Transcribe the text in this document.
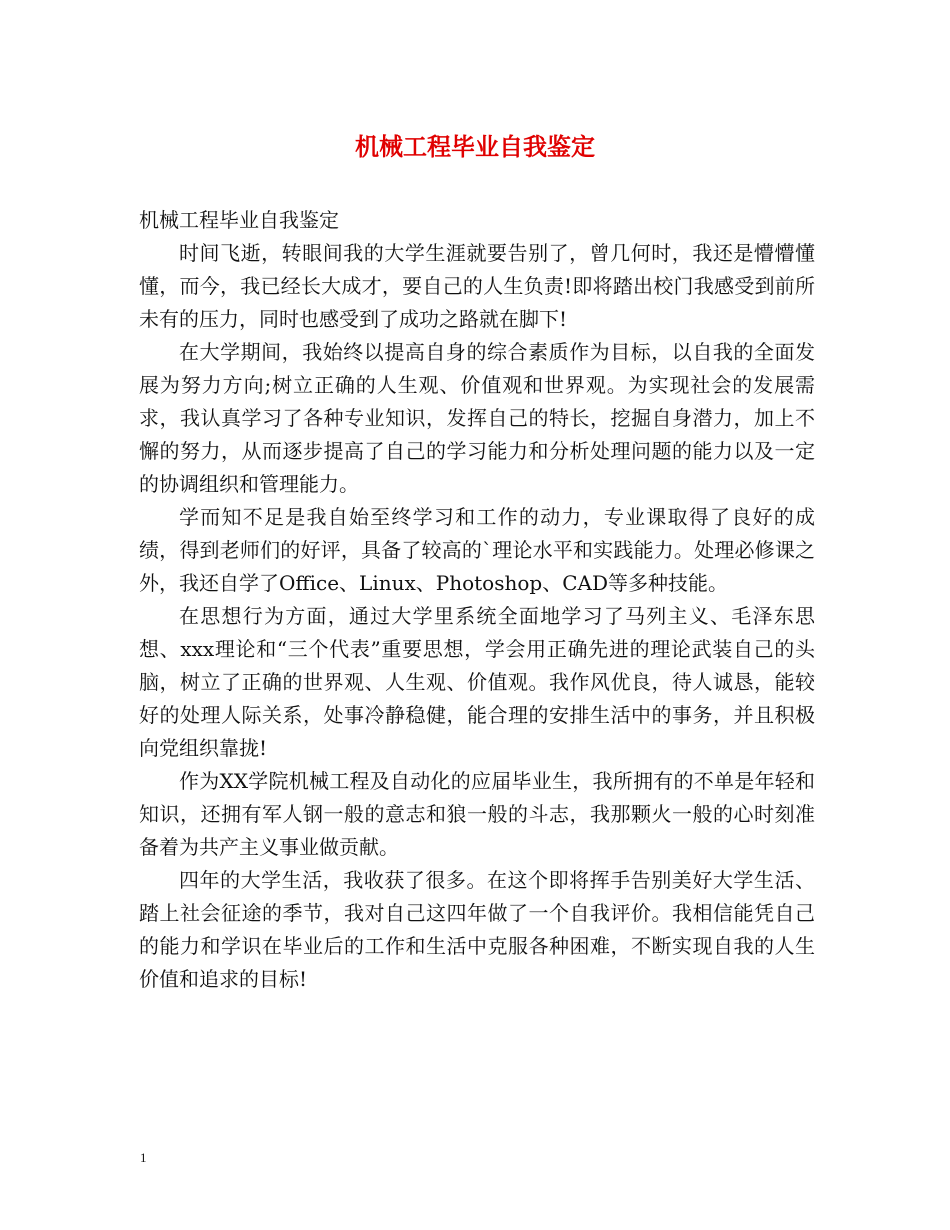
机械工程毕业自我鉴定

机械工程毕业自我鉴定

时间飞逝，转眼间我的大学生涯就要告别了，曾几何时，我还是懵懵懂懂，而今，我已经长大成才，要自己的人生负责!即将踏出校门我感受到前所未有的压力，同时也感受到了成功之路就在脚下!

在大学期间，我始终以提高自身的综合素质作为目标，以自我的全面发展为努力方向;树立正确的人生观、价值观和世界观。为实现社会的发展需求，我认真学习了各种专业知识，发挥自己的特长，挖掘自身潜力，加上不懈的努力，从而逐步提高了自己的学习能力和分析处理问题的能力以及一定的协调组织和管理能力。

学而知不足是我自始至终学习和工作的动力，专业课取得了良好的成绩，得到老师们的好评，具备了较高的`理论水平和实践能力。处理必修课之外，我还自学了Office、Linux、Photoshop、CAD等多种技能。

在思想行为方面，通过大学里系统全面地学习了马列主义、毛泽东思想、xxx理论和“三个代表”重要思想，学会用正确先进的理论武装自己的头脑，树立了正确的世界观、人生观、价值观。我作风优良，待人诚恳，能较好的处理人际关系，处事冷静稳健，能合理的安排生活中的事务，并且积极向党组织靠拢!

作为XX学院机械工程及自动化的应届毕业生，我所拥有的不单是年轻和知识，还拥有军人钢一般的意志和狼一般的斗志，我那颗火一般的心时刻准备着为共产主义事业做贡献。

四年的大学生活，我收获了很多。在这个即将挥手告别美好大学生活、踏上社会征途的季节，我对自己这四年做了一个自我评价。我相信能凭自己的能力和学识在毕业后的工作和生活中克服各种困难，不断实现自我的人生价值和追求的目标!

1
